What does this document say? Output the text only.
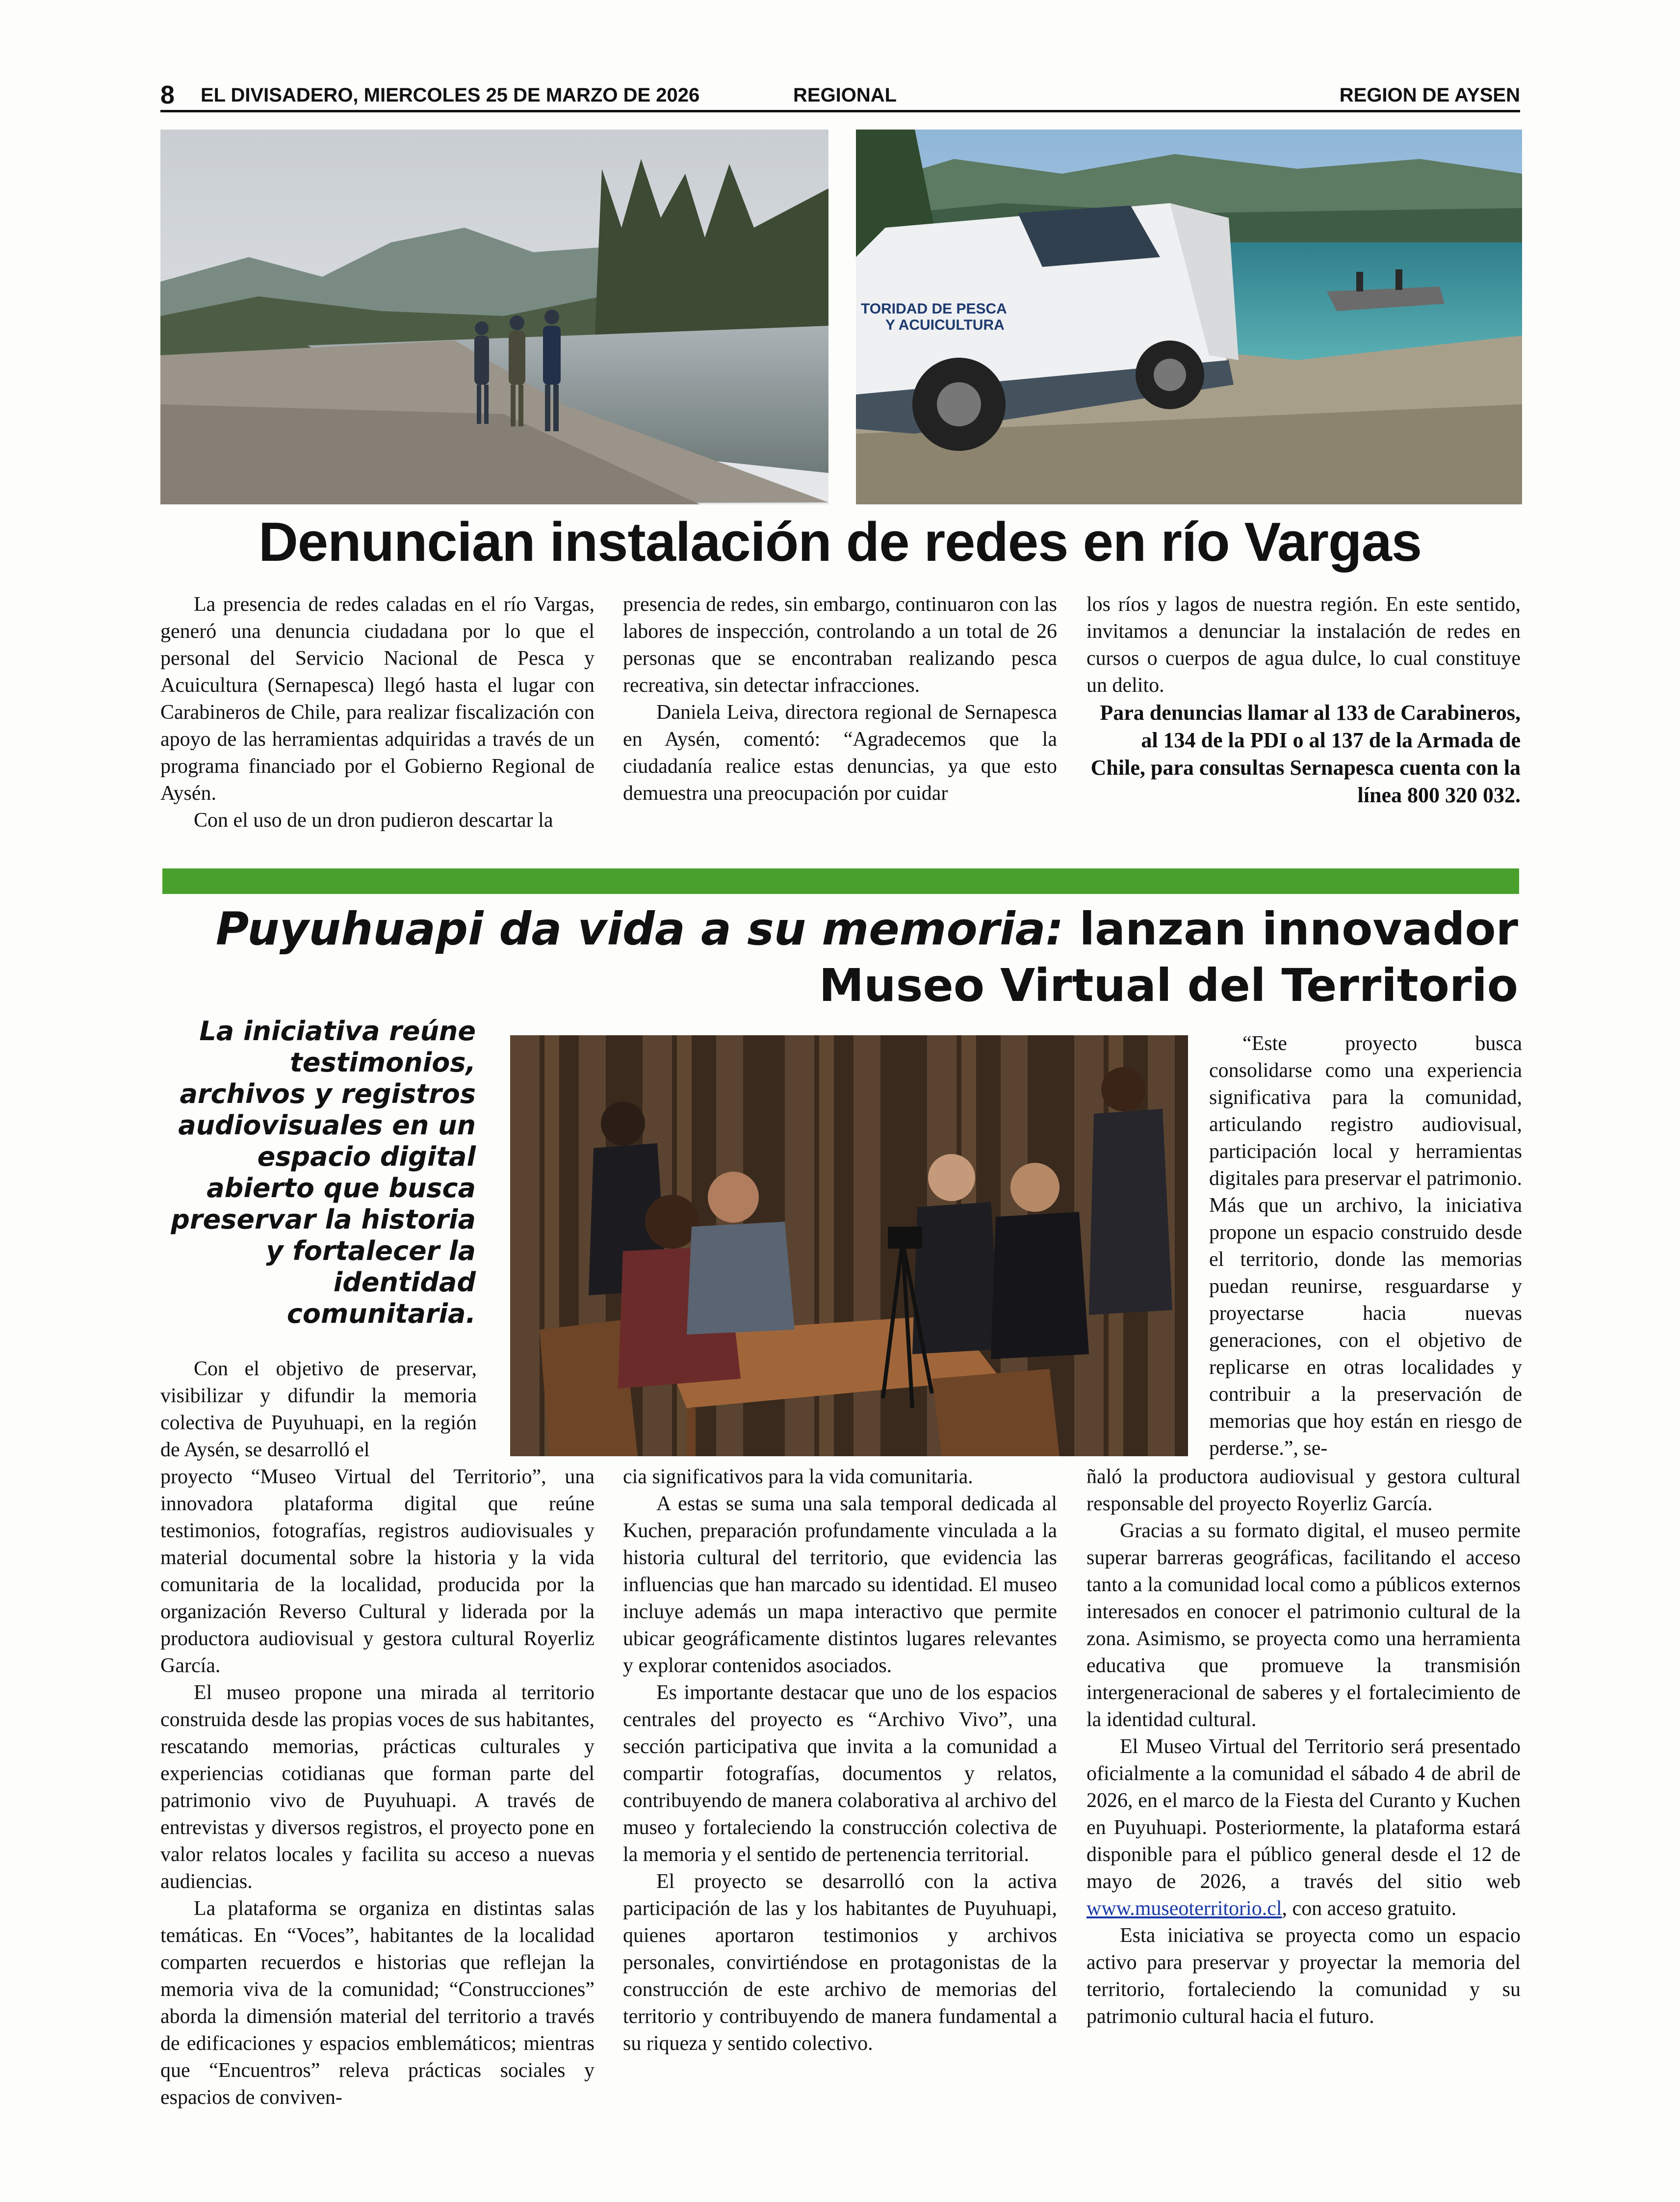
8 EL DIVISADERO, MIERCOLES 25 DE MARZO DE 2026	REGIONAL	REGION DE AYSEN
TORIDAD DE PESCA
Y ACUICULTURA
Denuncian instalación de redes en río Vargas

La presencia de redes caladas en el río Vargas, generó una denuncia ciudadana por lo que el personal del Servicio Nacional de Pesca y Acuicultura (Sernapesca) llegó hasta el lugar con Carabineros de Chile, para realizar fiscalización con apoyo de las herramientas adquiridas a través de un programa financiado por el Gobierno Regional de Aysén.

Con el uso de un dron pudieron descartar la

presencia de redes, sin embargo, continuaron con las labores de inspección, controlando a un total de 26 personas que se encontraban realizando pesca recreativa, sin detectar infracciones.

Daniela Leiva, directora regional de Sernapesca en Aysén, comentó: “Agradecemos que la ciudadanía realice estas denuncias, ya que esto demuestra una preocupación por cuidar

los ríos y lagos de nuestra región. En este sentido, invitamos a denunciar la instalación de redes en cursos o cuerpos de agua dulce, lo cual constituye un delito.

Para denuncias llamar al 133 de Carabineros, al 134 de la PDI o al 137 de la Armada de Chile, para consultas Sernapesca cuenta con la línea 800 320 032.
Puyuhuapi da vida a su memoria: lanzan innovador
Museo Virtual del Territorio
La iniciativa reúne testimonios, archivos y registros audiovisuales en un espacio digital abierto que busca preservar la historia y fortalecer la identidad comunitaria.

Con el objetivo de preservar, visibilizar y difundir la memoria colectiva de Puyuhuapi, en la región de Aysén, se desarrolló el

proyecto “Museo Virtual del Territorio”, una innovadora plataforma digital que reúne testimonios, fotografías, registros audiovisuales y material documental sobre la historia y la vida comunitaria de la localidad, producida por la organización Reverso Cultural y liderada por la productora audiovisual y gestora cultural Royerliz García.

El museo propone una mirada al territorio construida desde las propias voces de sus habitantes, rescatando memorias, prácticas culturales y experiencias cotidianas que forman parte del patrimonio vivo de Puyuhuapi. A través de entrevistas y diversos registros, el proyecto pone en valor relatos locales y facilita su acceso a nuevas audiencias.

La plataforma se organiza en distintas salas temáticas. En “Voces”, habitantes de la localidad comparten recuerdos e historias que reflejan la memoria viva de la comunidad; “Construcciones” aborda la dimensión material del territorio a través de edificaciones y espacios emblemáticos; mientras que “Encuentros” releva prácticas sociales y espacios de conviven-

cia significativos para la vida comunitaria.

A estas se suma una sala temporal dedicada al Kuchen, preparación profundamente vinculada a la historia cultural del territorio, que evidencia las influencias que han marcado su identidad. El museo incluye además un mapa interactivo que permite ubicar geográficamente distintos lugares relevantes y explorar contenidos asociados.

Es importante destacar que uno de los espacios centrales del proyecto es “Archivo Vivo”, una sección participativa que invita a la comunidad a compartir fotografías, documentos y relatos, contribuyendo de manera colaborativa al archivo del museo y fortaleciendo la construcción colectiva de la memoria y el sentido de pertenencia territorial.

El proyecto se desarrolló con la activa participación de las y los habitantes de Puyuhuapi, quienes aportaron testimonios y archivos personales, convirtiéndose en protagonistas de la construcción de este archivo de memorias del territorio y contribuyendo de manera fundamental a su riqueza y sentido colectivo.

“Este proyecto busca consolidarse como una experiencia significativa para la comunidad, articulando registro audiovisual, participación local y herramientas digitales para preservar el patrimonio. Más que un archivo, la iniciativa propone un espacio construido desde el territorio, donde las memorias puedan reunirse, resguardarse y proyectarse hacia nuevas generaciones, con el objetivo de replicarse en otras localidades y contribuir a la preservación de memorias que hoy están en riesgo de perderse.”, se-

ñaló la productora audiovisual y gestora cultural responsable del proyecto Royerliz García.

Gracias a su formato digital, el museo permite superar barreras geográficas, facilitando el acceso tanto a la comunidad local como a públicos externos interesados en conocer el patrimonio cultural de la zona. Asimismo, se proyecta como una herramienta educativa que promueve la transmisión intergeneracional de saberes y el fortalecimiento de la identidad cultural.

El Museo Virtual del Territorio será presentado oficialmente a la comunidad el sábado 4 de abril de 2026, en el marco de la Fiesta del Curanto y Kuchen en Puyuhuapi. Posteriormente, la plataforma estará disponible para el público general desde el 12 de mayo de 2026, a través del sitio web www.museoterritorio.cl, con acceso gratuito.

Esta iniciativa se proyecta como un espacio activo para preservar y proyectar la memoria del territorio, fortaleciendo la comunidad y su patrimonio cultural hacia el futuro.
